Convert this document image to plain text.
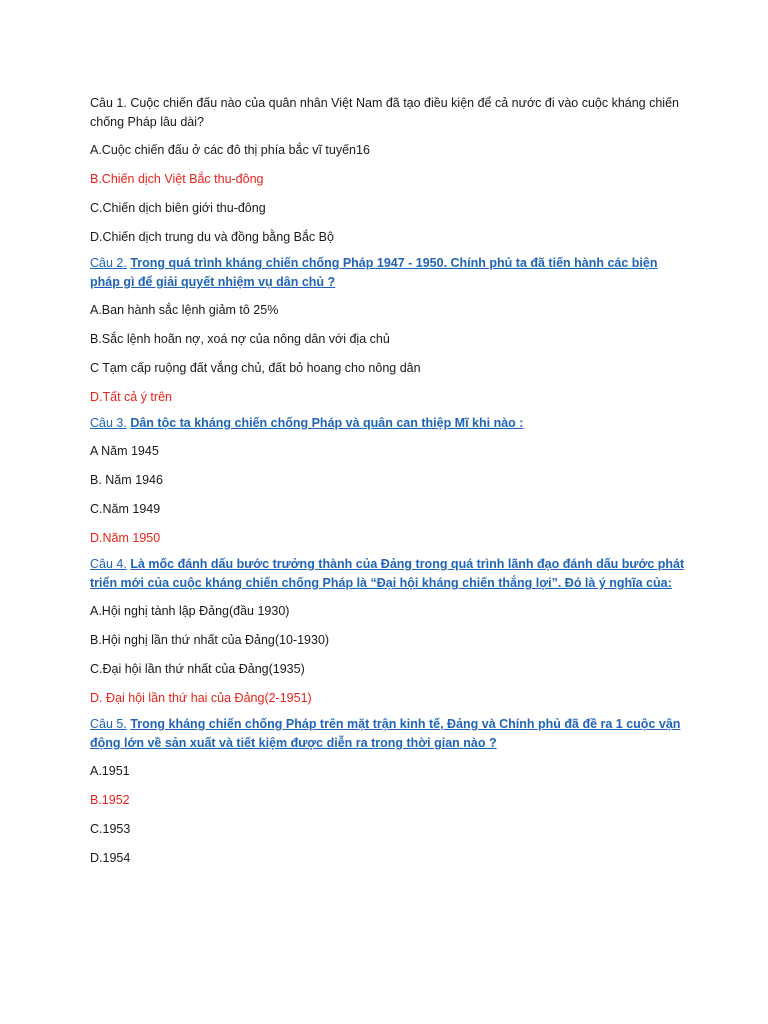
Câu 1. Cuộc chiến đấu nào của quân nhân Việt Nam đã tạo điều kiện để cả nước đi vào cuộc kháng chiến chống Pháp lâu dài?
A.Cuộc chiến đấu ở các đô thị phía bắc vĩ tuyến16
B.Chiến dịch Việt Bắc thu-đông
C.Chiến dịch biên giới thu-đông
D.Chiến dịch trung du và đồng bằng Bắc Bộ
Câu 2. Trong quá trình kháng chiến chống Pháp 1947 - 1950. Chính phủ ta đã tiến hành các biện pháp gì để giải quyết nhiệm vụ dân chủ ?
A.Ban hành sắc lệnh giảm tô 25%
B.Sắc lệnh hoãn nợ, xoá nợ của nông dân với địa chủ
C Tạm cấp ruộng đất vắng chủ, đất bỏ hoang cho nông dân
D.Tất cả ý trên
Câu 3. Dân tộc ta kháng chiến chống Pháp và quân can thiệp Mĩ khi nào :
A Năm 1945
B. Năm 1946
C.Năm 1949
D.Năm 1950
Câu 4. Là mốc đánh dấu bước trưởng thành của Đảng trong quá trình lãnh đạo đánh dấu bước phát triển mới của cuộc kháng chiến chống Pháp là “Đại hội kháng chiến thắng lợi”. Đó là ý nghĩa của:
A.Hội nghị tành lập Đảng(đầu 1930)
B.Hội nghị lần thứ nhất của Đảng(10-1930)
C.Đại hội lần thứ nhất của Đảng(1935)
D. Đại hội lần thứ hai của Đảng(2-1951)
Câu 5. Trong kháng chiến chống Pháp trên mặt trận kinh tế, Đảng và Chính phủ đã đề ra 1 cuộc vận động lớn về sản xuất và tiết kiệm được diễn ra trong thời gian nào ?
A.1951
B.1952
C.1953
D.1954
